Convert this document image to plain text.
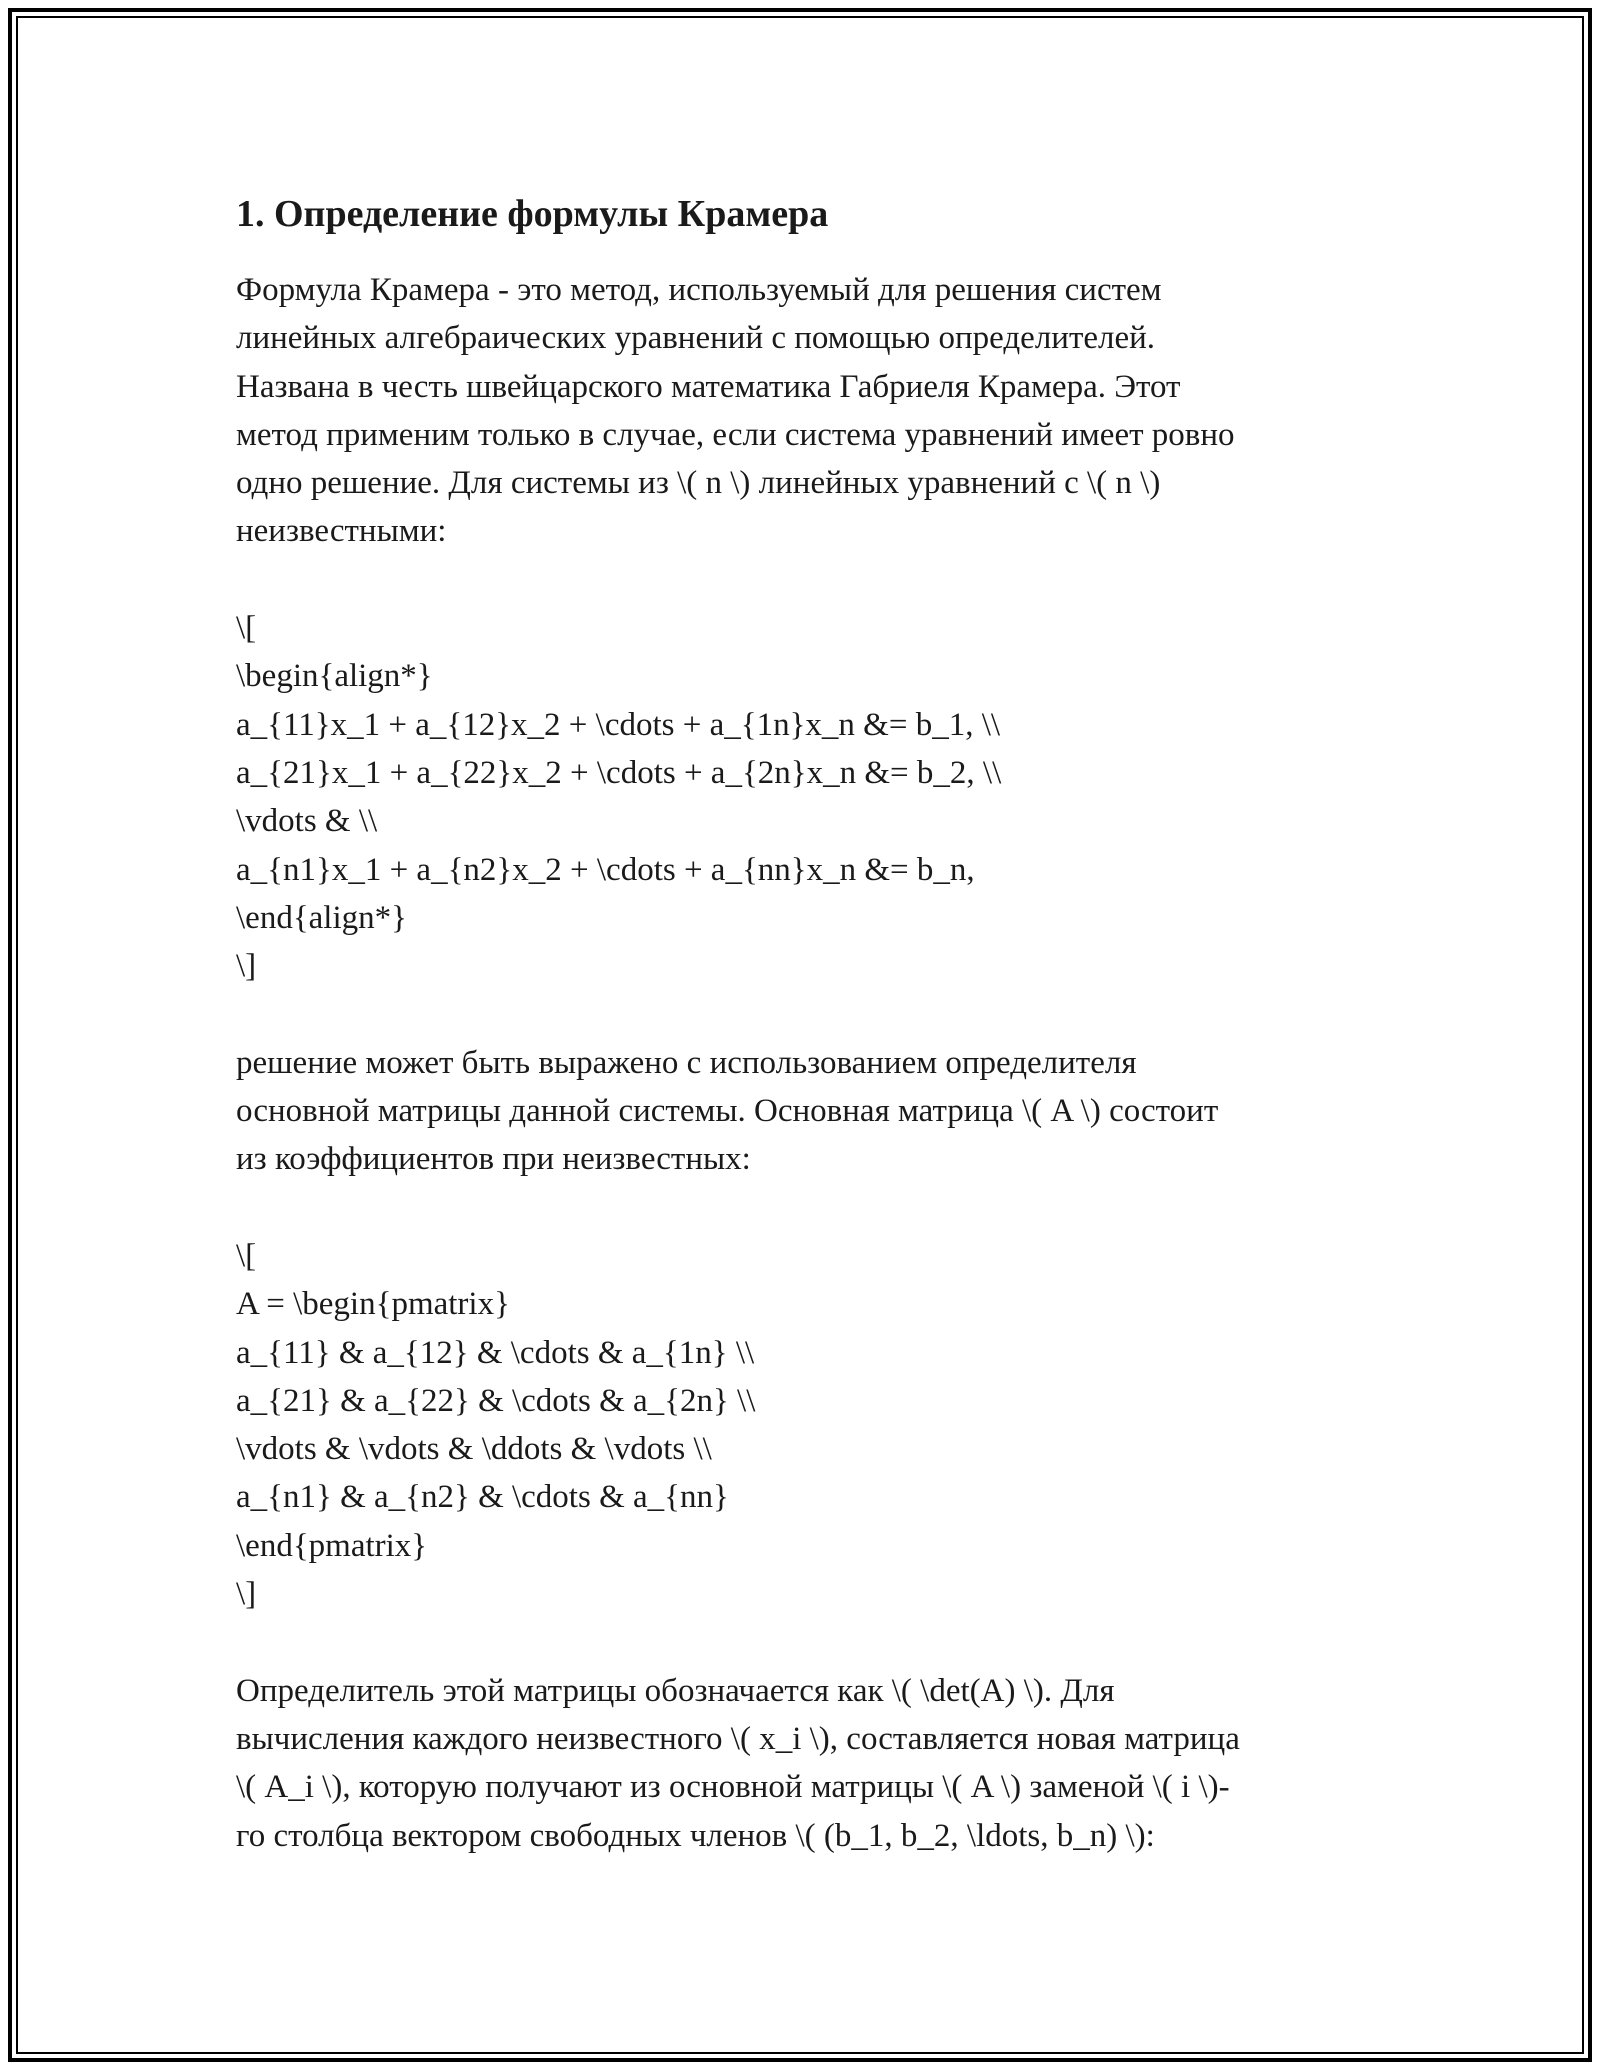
1. Определение формулы Крамера

Формула Крамера - это метод, используемый для решения систем
линейных алгебраических уравнений с помощью определителей.
Названа в честь швейцарского математика Габриеля Крамера. Этот
метод применим только в случае, если система уравнений имеет ровно
одно решение. Для системы из \( n \) линейных уравнений с \( n \)
неизвестными:

\[
\begin{align*}
a_{11}x_1 + a_{12}x_2 + \cdots + a_{1n}x_n &= b_1, \\
a_{21}x_1 + a_{22}x_2 + \cdots + a_{2n}x_n &= b_2, \\
\vdots & \\
a_{n1}x_1 + a_{n2}x_2 + \cdots + a_{nn}x_n &= b_n,
\end{align*}
\]

решение может быть выражено с использованием определителя
основной матрицы данной системы. Основная матрица \( A \) состоит
из коэффициентов при неизвестных:

\[
A = \begin{pmatrix}
a_{11} & a_{12} & \cdots & a_{1n} \\
a_{21} & a_{22} & \cdots & a_{2n} \\
\vdots & \vdots & \ddots & \vdots \\
a_{n1} & a_{n2} & \cdots & a_{nn}
\end{pmatrix}
\]

Определитель этой матрицы обозначается как \( \det(A) \). Для
вычисления каждого неизвестного \( x_i \), составляется новая матрица
\( A_i \), которую получают из основной матрицы \( A \) заменой \( i \)-
го столбца вектором свободных членов \( (b_1, b_2, \ldots, b_n) \):
